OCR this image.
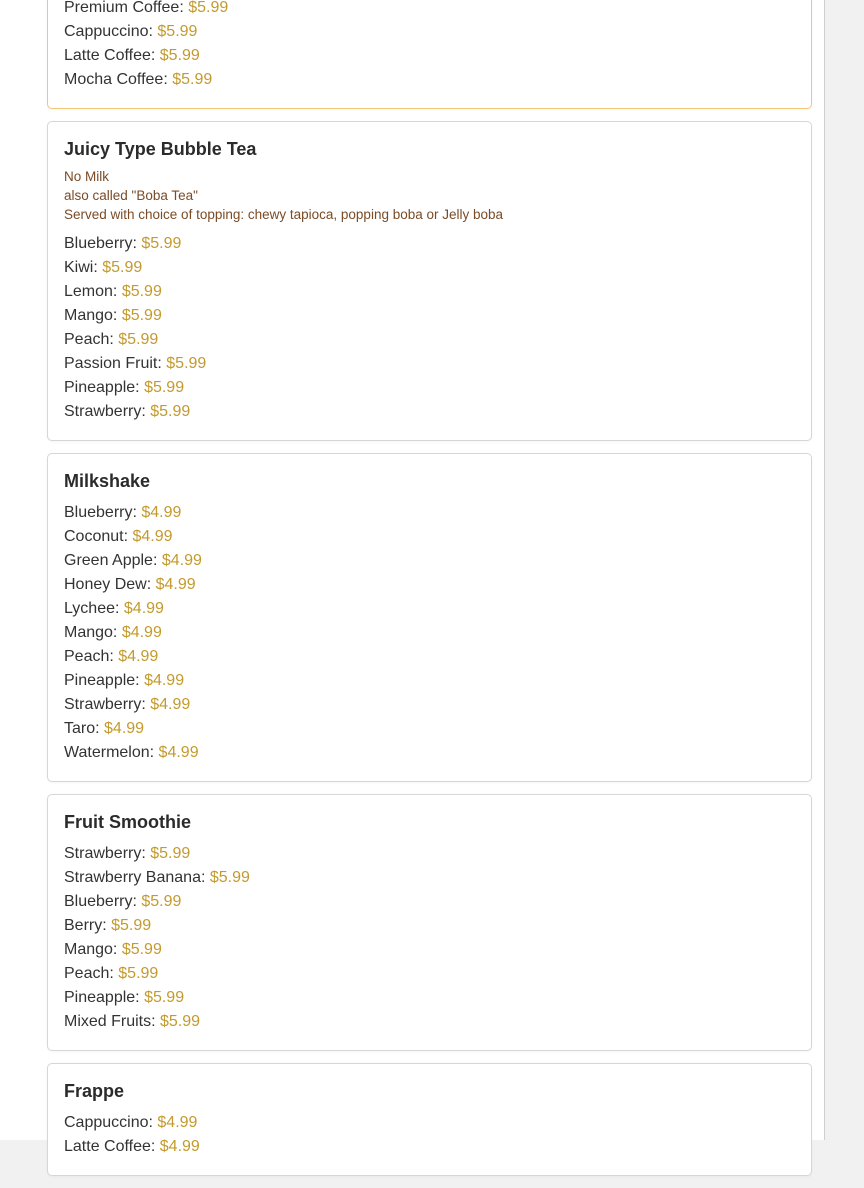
Premium Coffee: $5.99
Cappuccino: $5.99
Latte Coffee: $5.99
Mocha Coffee: $5.99
Juicy Type Bubble Tea
No Milk
also called "Boba Tea"
Served with choice of topping: chewy tapioca, popping boba or Jelly boba
Blueberry: $5.99
Kiwi: $5.99
Lemon: $5.99
Mango: $5.99
Peach: $5.99
Passion Fruit: $5.99
Pineapple: $5.99
Strawberry: $5.99
Milkshake
Blueberry: $4.99
Coconut: $4.99
Green Apple: $4.99
Honey Dew: $4.99
Lychee: $4.99
Mango: $4.99
Peach: $4.99
Pineapple: $4.99
Strawberry: $4.99
Taro: $4.99
Watermelon: $4.99
Fruit Smoothie
Strawberry: $5.99
Strawberry Banana: $5.99
Blueberry: $5.99
Berry: $5.99
Mango: $5.99
Peach: $5.99
Pineapple: $5.99
Mixed Fruits: $5.99
Frappe
Cappuccino: $4.99
Latte Coffee: $4.99
